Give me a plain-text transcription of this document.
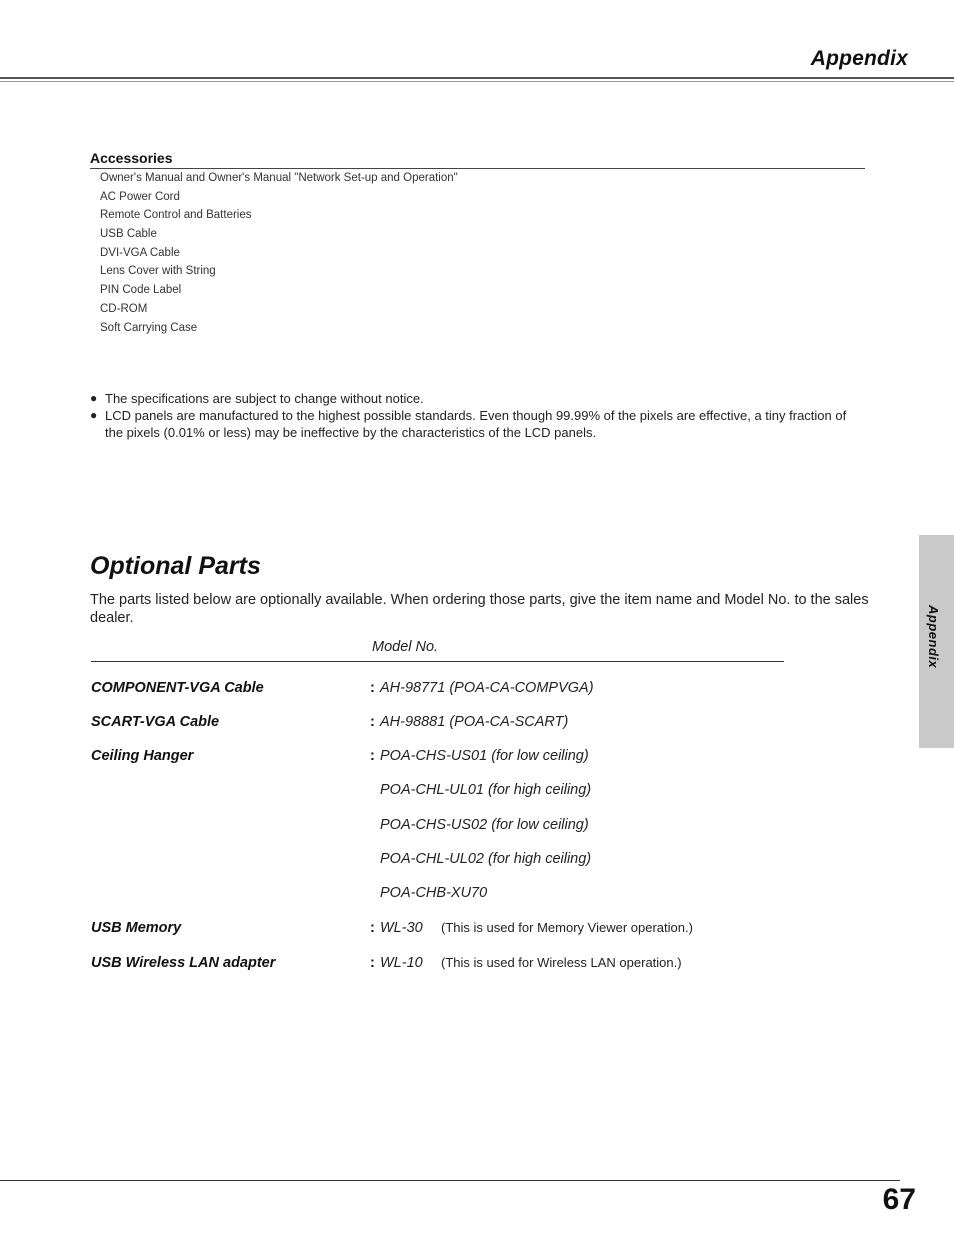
Appendix
Accessories
Owner's Manual and Owner's Manual "Network Set-up and Operation"
AC Power Cord
Remote Control and Batteries
USB Cable
DVI-VGA Cable
Lens Cover with String
PIN Code Label
CD-ROM
Soft Carrying Case
● The specifications are subject to change without notice.
● LCD panels are manufactured to the highest possible standards. Even though 99.99% of the pixels are effective, a tiny fraction of the pixels (0.01% or less) may be ineffective by the characteristics of the LCD panels.
Optional Parts
The parts listed below are optionally available. When ordering those parts, give the item name and Model No. to the sales dealer.
Model No.
COMPONENT-VGA Cable	: AH-98771 (POA-CA-COMPVGA)
SCART-VGA Cable	: AH-98881 (POA-CA-SCART)
Ceiling Hanger	: POA-CHS-US01 (for low ceiling)
POA-CHL-UL01 (for high ceiling)
POA-CHS-US02 (for low ceiling)
POA-CHL-UL02 (for high ceiling)
POA-CHB-XU70
USB Memory	: WL-30 (This is used for Memory Viewer operation.)
USB Wireless LAN adapter	: WL-10 (This is used for Wireless LAN operation.)
Appendix
67
